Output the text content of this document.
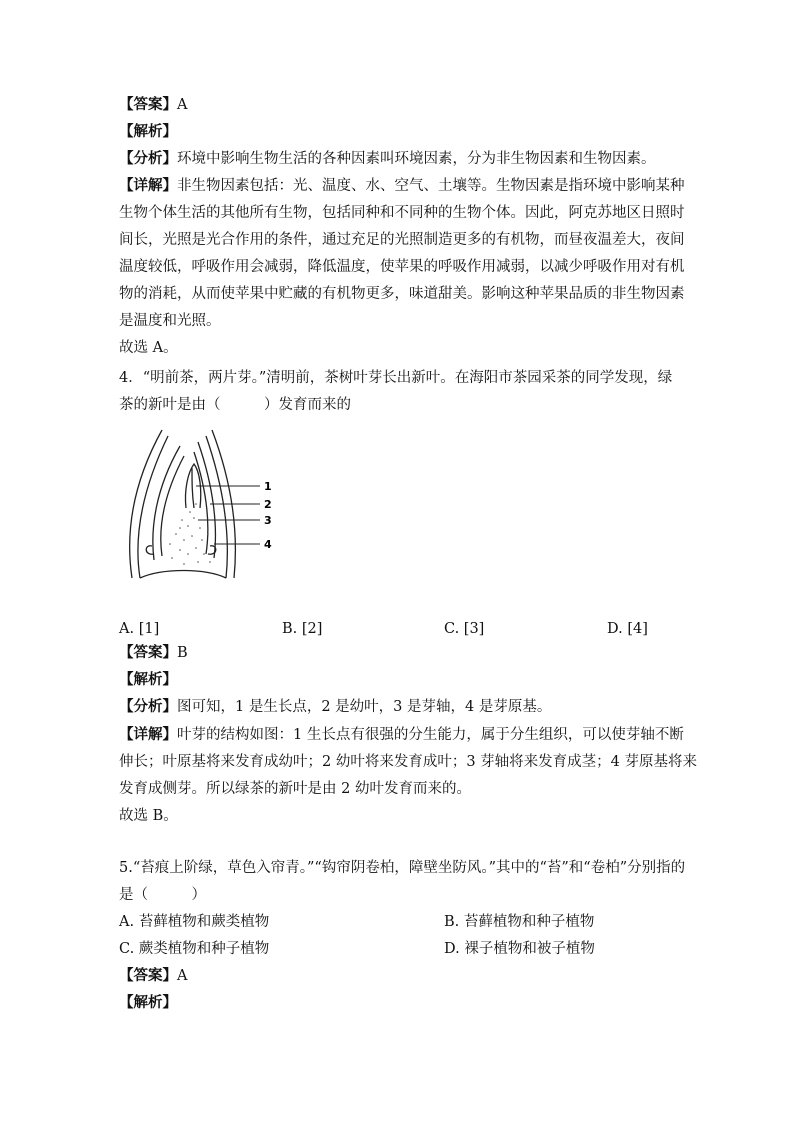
【答案】A
【解析】
【分析】环境中影响生物生活的各种因素叫环境因素，分为非生物因素和生物因素。
【详解】非生物因素包括：光、温度、水、空气、土壤等。生物因素是指环境中影响某种
生物个体生活的其他所有生物，包括同种和不同种的生物个体。因此，阿克苏地区日照时
间长，光照是光合作用的条件，通过充足的光照制造更多的有机物，而昼夜温差大，夜间
温度较低，呼吸作用会减弱，降低温度，使苹果的呼吸作用减弱，以减少呼吸作用对有机
物的消耗，从而使苹果中贮藏的有机物更多，味道甜美。影响这种苹果品质的非生物因素
是温度和光照。
故选 A。
4．“明前茶，两片芽。”清明前，茶树叶芽长出新叶。在海阳市茶园采茶的同学发现，绿
茶的新叶是由（　　　）发育而来的
1
2
3
4
A. [1]	B. [2]	C. [3]	D. [4]
【答案】B
【解析】
【分析】图可知，1 是生长点，2 是幼叶，3 是芽轴，4 是芽原基。
【详解】叶芽的结构如图：1 生长点有很强的分生能力，属于分生组织，可以使芽轴不断
伸长；叶原基将来发育成幼叶；2 幼叶将来发育成叶；3 芽轴将来发育成茎；4 芽原基将来
发育成侧芽。所以绿茶的新叶是由 2 幼叶发育而来的。
故选 B。
5.“苔痕上阶绿，草色入帘青。”“钩帘阴卷柏，障壁坐防风。”其中的“苔”和“卷柏”分别指的
是（　　　）
A. 苔藓植物和蕨类植物	B. 苔藓植物和种子植物
C. 蕨类植物和种子植物	D. 裸子植物和被子植物
【答案】A
【解析】
